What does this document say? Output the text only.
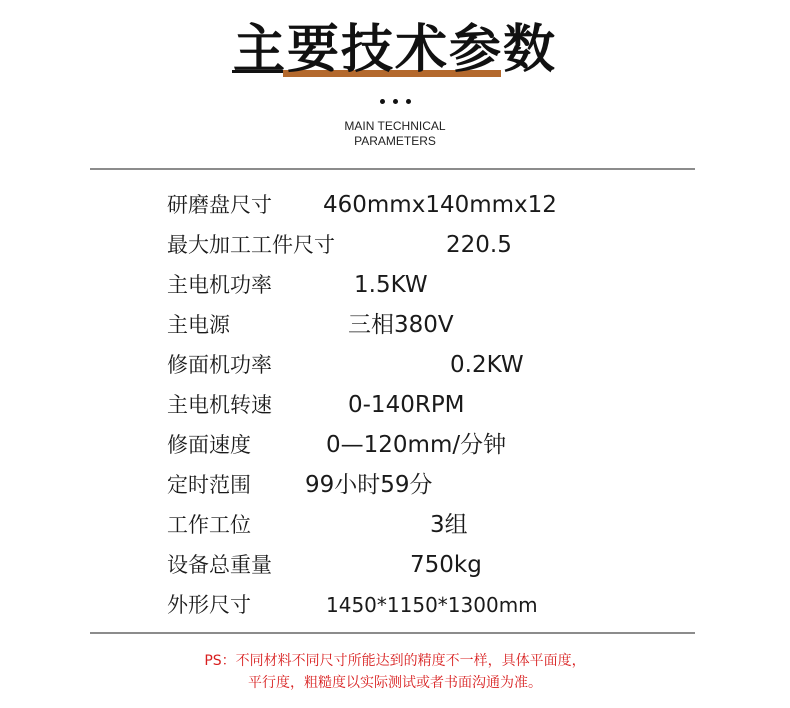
主要技术参数
MAIN TECHNICAL
PARAMETERS
研磨盘尺寸 460mmx140mmx12
最大加工工件尺寸	220.5
主电机功率	1.5KW
主电源	三相380V
修面机功率	0.2KW
主电机转速	0-140RPM
修面速度	0—120mm/分钟
定时范围 99小时59分
工作工位	3组
设备总重量	750kg
外形尺寸	1450*1150*1300mm
PS：不同材料不同尺寸所能达到的精度不一样，具体平面度，
平行度，粗糙度以实际测试或者书面沟通为准。
